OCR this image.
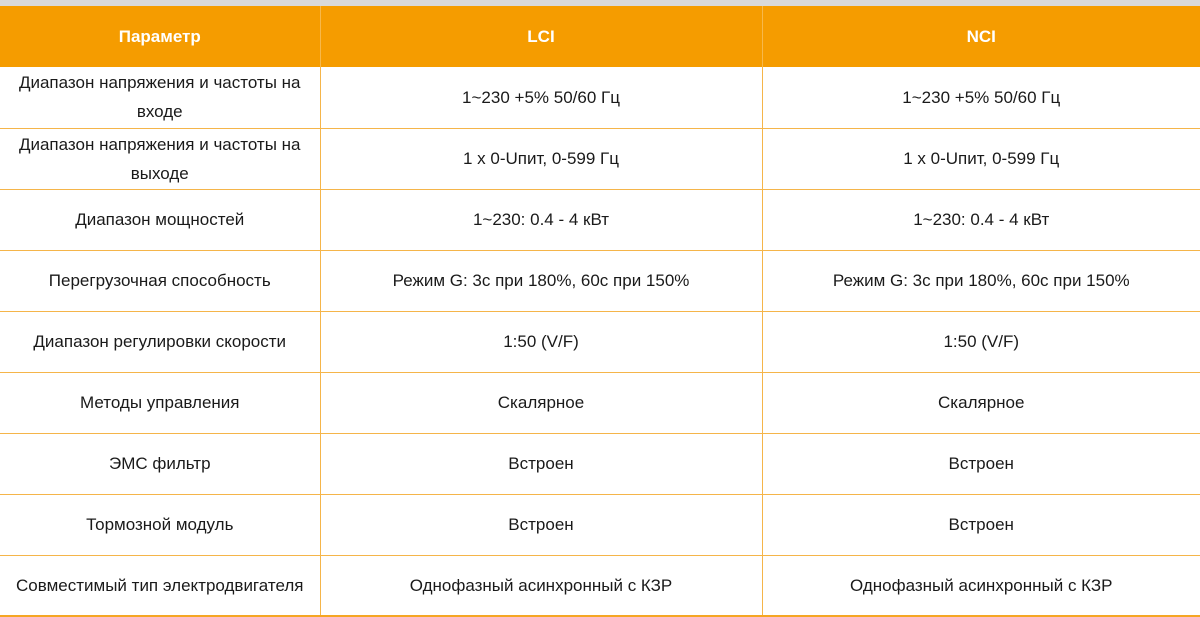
Параметр	LCI	NCI
Диапазон напряжения и частоты на входе	1~230 +5% 50/60 Гц	1~230 +5% 50/60 Гц
Диапазон напряжения и частоты на выходе	1 x 0-Uпит, 0-599 Гц	1 x 0-Uпит, 0-599 Гц
Диапазон мощностей	1~230: 0.4 - 4 кВт	1~230: 0.4 - 4 кВт
Перегрузочная способность	Режим G: 3с при 180%, 60с при 150%	Режим G: 3с при 180%, 60с при 150%
Диапазон регулировки скорости	1:50 (V/F)	1:50 (V/F)
Методы управления	Скалярное	Скалярное
ЭМС фильтр	Встроен	Встроен
Тормозной модуль	Встроен	Встроен
Совместимый тип электродвигателя	Однофазный асинхронный с КЗР	Однофазный асинхронный с КЗР
